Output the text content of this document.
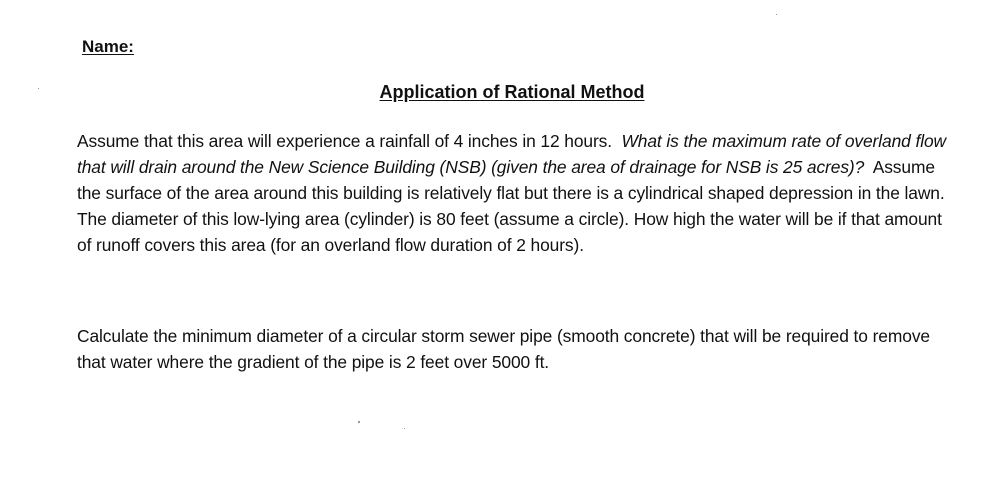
Name:
Application of Rational Method
Assume that this area will experience a rainfall of 4 inches in 12 hours. What is the maximum rate of overland flow that will drain around the New Science Building (NSB) (given the area of drainage for NSB is 25 acres)? Assume the surface of the area around this building is relatively flat but there is a cylindrical shaped depression in the lawn. The diameter of this low-lying area (cylinder) is 80 feet (assume a circle). How high the water will be if that amount of runoff covers this area (for an overland flow duration of 2 hours).
Calculate the minimum diameter of a circular storm sewer pipe (smooth concrete) that will be required to remove that water where the gradient of the pipe is 2 feet over 5000 ft.
